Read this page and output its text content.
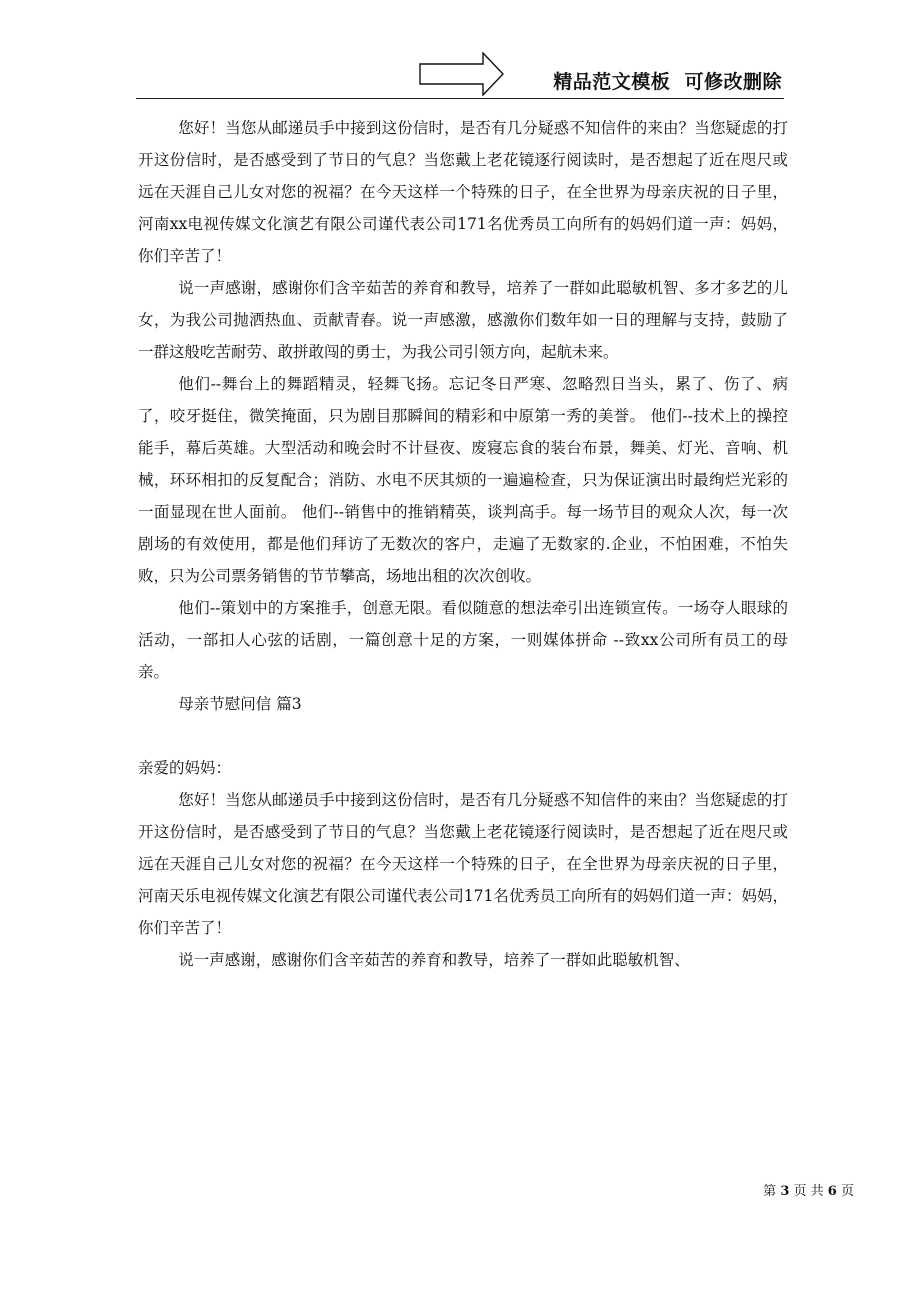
精品范文模板  可修改删除

您好！当您从邮递员手中接到这份信时，是否有几分疑惑不知信件的来由？当您疑虑的打开这份信时，是否感受到了节日的气息？当您戴上老花镜逐行阅读时，是否想起了近在咫尺或远在天涯自己儿女对您的祝福？在今天这样一个特殊的日子，在全世界为母亲庆祝的日子里，河南xx电视传媒文化演艺有限公司谨代表公司171名优秀员工向所有的妈妈们道一声：妈妈，你们辛苦了！

说一声感谢，感谢你们含辛茹苦的养育和教导，培养了一群如此聪敏机智、多才多艺的儿女，为我公司抛洒热血、贡献青春。说一声感激，感激你们数年如一日的理解与支持，鼓励了一群这般吃苦耐劳、敢拼敢闯的勇士，为我公司引领方向，起航未来。

他们--舞台上的舞蹈精灵，轻舞飞扬。忘记冬日严寒、忽略烈日当头，累了、伤了、病了，咬牙挺住，微笑掩面，只为剧目那瞬间的精彩和中原第一秀的美誉。 他们--技术上的操控能手，幕后英雄。大型活动和晚会时不计昼夜、废寝忘食的装台布景，舞美、灯光、音响、机械，环环相扣的反复配合；消防、水电不厌其烦的一遍遍检查，只为保证演出时最绚烂光彩的一面显现在世人面前。 他们--销售中的推销精英，谈判高手。每一场节目的观众人次，每一次剧场的有效使用，都是他们拜访了无数次的客户，走遍了无数家的.企业，不怕困难，不怕失败，只为公司票务销售的节节攀高，场地出租的次次创收。

他们--策划中的方案推手，创意无限。看似随意的想法牵引出连锁宣传。一场夺人眼球的活动，一部扣人心弦的话剧，一篇创意十足的方案，一则媒体拼命 --致xx公司所有员工的母亲。

母亲节慰问信 篇3

亲爱的妈妈：

您好！当您从邮递员手中接到这份信时，是否有几分疑惑不知信件的来由？当您疑虑的打开这份信时，是否感受到了节日的气息？当您戴上老花镜逐行阅读时，是否想起了近在咫尺或远在天涯自己儿女对您的祝福？在今天这样一个特殊的日子，在全世界为母亲庆祝的日子里，河南天乐电视传媒文化演艺有限公司谨代表公司171名优秀员工向所有的妈妈们道一声：妈妈，你们辛苦了！

说一声感谢，感谢你们含辛茹苦的养育和教导，培养了一群如此聪敏机智、

第 3 页 共 6 页
